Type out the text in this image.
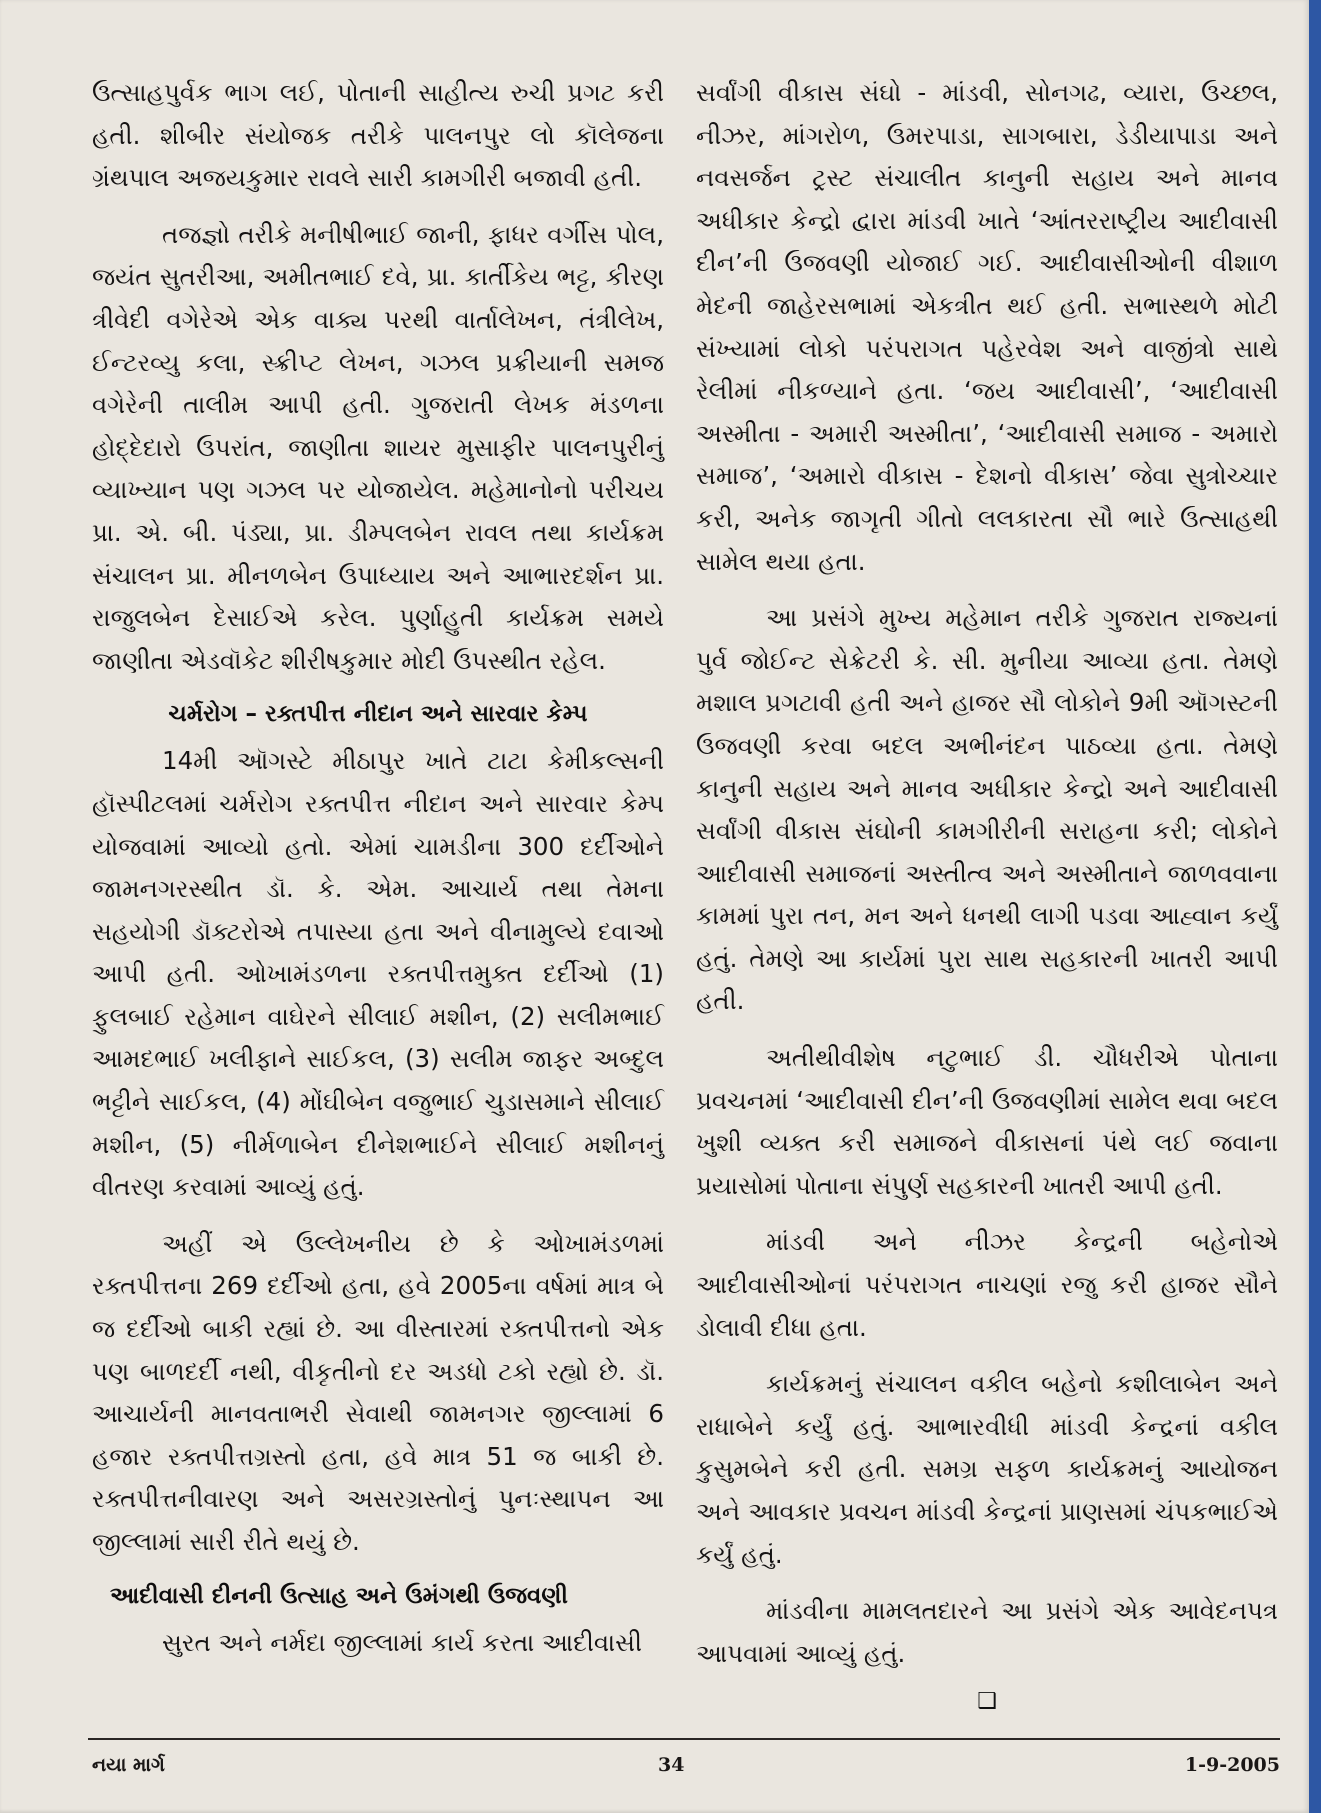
ઉત્સાહપુર્વક ભાગ લઈ, પોતાની સાહીત્ય રુચી પ્રગટ કરી હતી. શીબીર સંયોજક તરીકે પાલનપુર લો કૉલેજના ગ્રંથપાલ અજયકુમાર રાવલે સારી કામગીરી બજાવી હતી.

તજજ્ઞો તરીકે મનીષીભાઈ જાની, ફાધર વર્ગીસ પોલ, જયંત સુતરીઆ, અમીતભાઈ દવે, પ્રા. કાર્તીકેય ભટ્ટ, કીરણ ત્રીવેદી વગેરેએ એક વાક્ય પરથી વાર્તાલેખન, તંત્રીલેખ, ઈન્ટરવ્યુ કલા, સ્ક્રીપ્ટ લેખન, ગઝલ પ્રક્રીયાની સમજ વગેરેની તાલીમ આપી હતી. ગુજરાતી લેખક મંડળના હોદ્દેદારો ઉપરાંત, જાણીતા શાયર મુસાફીર પાલનપુરીનું વ્યાખ્યાન પણ ગઝલ પર યોજાયેલ. મહેમાનોનો પરીચય પ્રા. એ. બી. પંડ્યા, પ્રા. ડીમ્પલબેન રાવલ તથા કાર્યક્રમ સંચાલન પ્રા. મીનળબેન ઉપાધ્યાય અને આભારદર્શન પ્રા. રાજુલબેન દેસાઈએ કરેલ. પુર્ણાહુતી કાર્યક્રમ સમયે જાણીતા એડવૉકેટ શીરીષકુમાર મોદી ઉપસ્થીત રહેલ.

ચર્મરોગ – રક્તપીત્ત નીદાન અને સારવાર કેમ્પ

14મી ઑગસ્ટે મીઠાપુર ખાતે ટાટા કેમીકલ્સની હૉસ્પીટલમાં ચર્મરોગ રક્તપીત્ત નીદાન અને સારવાર કેમ્પ યોજવામાં આવ્યો હતો. એમાં ચામડીના 300 દર્દીઓને જામનગરસ્થીત ડૉ. કે. એમ. આચાર્ય તથા તેમના સહયોગી ડૉક્ટરોએ તપાસ્યા હતા અને વીનામુલ્યે દવાઓ આપી હતી. ઓખામંડળના રક્તપીત્તમુક્ત દર્દીઓ (1) ફુલબાઈ રહેમાન વાઘેરને સીલાઈ મશીન, (2) સલીમભાઈ આમદભાઈ ખલીફાને સાઈકલ, (3) સલીમ જાફર અબ્દુલ ભટ્ટીને સાઈકલ, (4) મોંઘીબેન વજુભાઈ ચુડાસમાને સીલાઈ મશીન, (5) નીર્મળાબેન દીનેશભાઈને સીલાઈ મશીનનું વીતરણ કરવામાં આવ્યું હતું.

અહીં એ ઉલ્લેખનીય છે કે ઓખામંડળમાં રક્તપીત્તના 269 દર્દીઓ હતા, હવે 2005ના વર્ષમાં માત્ર બે જ દર્દીઓ બાકી રહ્યાં છે. આ વીસ્તારમાં રક્તપીત્તનો એક પણ બાળદર્દી નથી, વીકૃતીનો દર અડધો ટકો રહ્યો છે. ડૉ. આચાર્યની માનવતાભરી સેવાથી જામનગર જીલ્લામાં 6 હજાર રક્તપીત્તગ્રસ્તો હતા, હવે માત્ર 51 જ બાકી છે. રક્તપીત્તનીવારણ અને અસરગ્રસ્તોનું પુનઃસ્થાપન આ જીલ્લામાં સારી રીતે થયું છે.

આદીવાસી દીનની ઉત્સાહ અને ઉમંગથી ઉજવણી

સુરત અને નર્મદા જીલ્લામાં કાર્ય કરતા આદીવાસી

સર્વાંગી વીકાસ સંઘો - માંડવી, સોનગઢ, વ્યારા, ઉચ્છલ, નીઝર, માંગરોળ, ઉમરપાડા, સાગબારા, ડેડીયાપાડા અને નવસર્જન ટ્રસ્ટ સંચાલીત કાનુની સહાય અને માનવ અધીકાર કેન્દ્રો દ્વારા માંડવી ખાતે ‘આંતરરાષ્ટ્રીય આદીવાસી દીન’ની ઉજવણી યોજાઈ ગઈ. આદીવાસીઓની વીશાળ મેદની જાહેરસભામાં એકત્રીત થઈ હતી. સભાસ્થળે મોટી સંખ્યામાં લોકો પરંપરાગત પહેરવેશ અને વાજીંત્રો સાથે રેલીમાં નીકળ્યાને હતા. ‘જય આદીવાસી’, ‘આદીવાસી અસ્મીતા - અમારી અસ્મીતા’, ‘આદીવાસી સમાજ - અમારો સમાજ’, ‘અમારો વીકાસ - દેશનો વીકાસ’ જેવા સુત્રોચ્ચાર કરી, અનેક જાગૃતી ગીતો લલકારતા સૌ ભારે ઉત્સાહથી સામેલ થયા હતા.

આ પ્રસંગે મુખ્ય મહેમાન તરીકે ગુજરાત રાજ્યનાં પુર્વ જોઈન્ટ સેક્રેટરી કે. સી. મુનીયા આવ્યા હતા. તેમણે મશાલ પ્રગટાવી હતી અને હાજર સૌ લોકોને 9મી ઑગસ્ટની ઉજવણી કરવા બદલ અભીનંદન પાઠવ્યા હતા. તેમણે કાનુની સહાય અને માનવ અધીકાર કેન્દ્રો અને આદીવાસી સર્વાંગી વીકાસ સંઘોની કામગીરીની સરાહના કરી; લોકોને આદીવાસી સમાજનાં અસ્તીત્વ અને અસ્મીતાને જાળવવાના કામમાં પુરા તન, મન અને ધનથી લાગી પડવા આહ્વાન કર્યું હતું. તેમણે આ કાર્યમાં પુરા સાથ સહકારની ખાતરી આપી હતી.

અતીથીવીશેષ નટુભાઈ ડી. ચૌધરીએ પોતાના પ્રવચનમાં ‘આદીવાસી દીન’ની ઉજવણીમાં સામેલ થવા બદલ ખુશી વ્યક્ત કરી સમાજને વીકાસનાં પંથે લઈ જવાના પ્રયાસોમાં પોતાના સંપુર્ણ સહકારની ખાતરી આપી હતી.

માંડવી અને નીઝર કેન્દ્રની બહેનોએ આદીવાસીઓનાં પરંપરાગત નાચણાં રજુ કરી હાજર સૌને ડોલાવી દીધા હતા.

કાર્યક્રમનું સંચાલન વકીલ બહેનો કશીલાબેન અને રાધાબેને કર્યું હતું. આભારવીધી માંડવી કેન્દ્રનાં વકીલ કુસુમબેને કરી હતી. સમગ્ર સફળ કાર્યક્રમનું આયોજન અને આવકાર પ્રવચન માંડવી કેન્દ્રનાં પ્રાણસમાં ચંપકભાઈએ કર્યું હતું.

માંડવીના મામલતદારને આ પ્રસંગે એક આવેદનપત્ર આપવામાં આવ્યું હતું.

❑
નયા માર્ગ	34	1-9-2005
